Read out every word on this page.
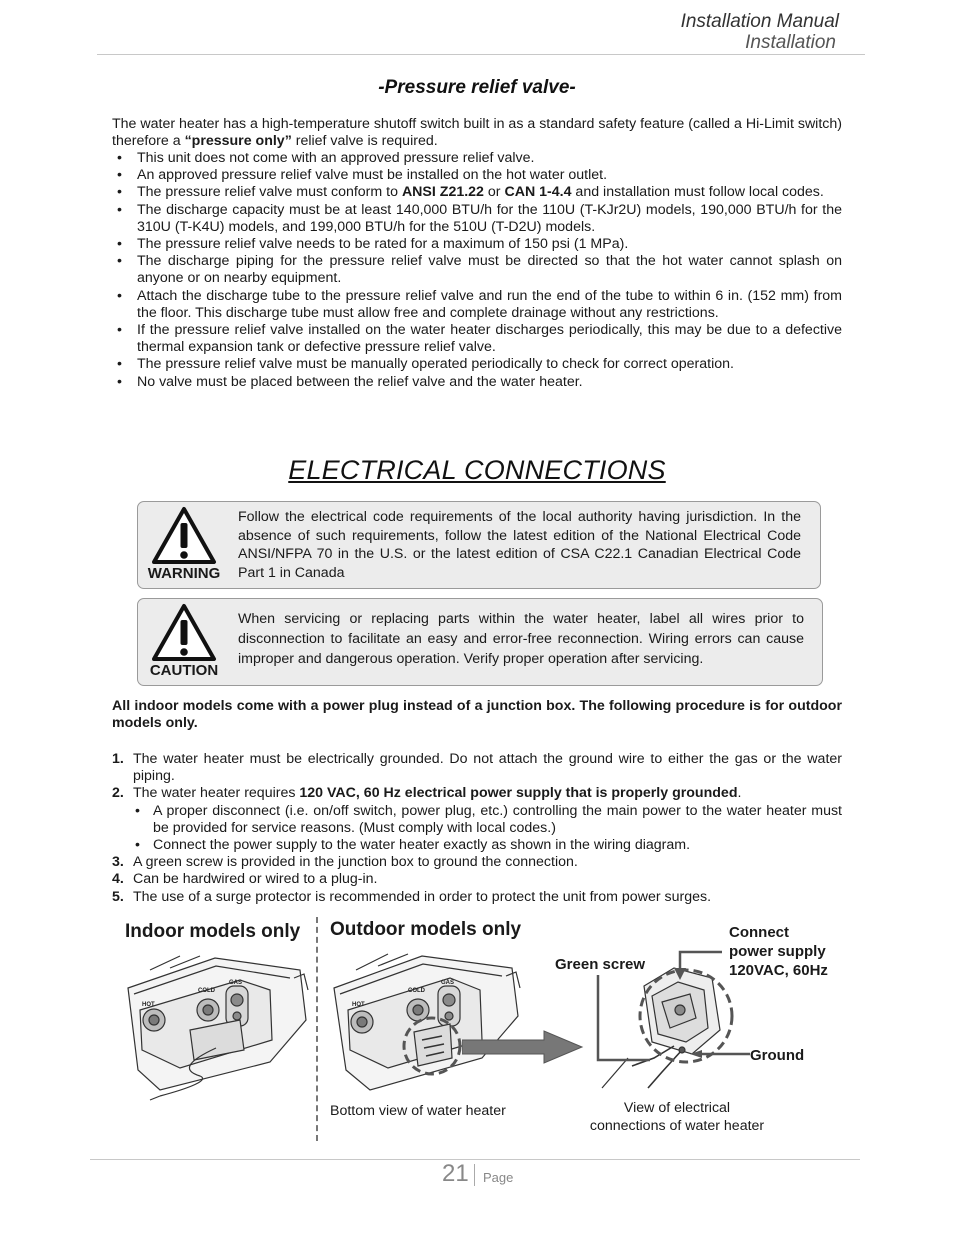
Installation Manual
Installation
-Pressure relief valve-
The water heater has a high-temperature shutoff switch built in as a standard safety feature (called a Hi-Limit switch) therefore a “pressure only” relief valve is required.
• This unit does not come with an approved pressure relief valve.
• An approved pressure relief valve must be installed on the hot water outlet.
• The pressure relief valve must conform to ANSI Z21.22 or CAN 1-4.4 and installation must follow local codes.
• The discharge capacity must be at least 140,000 BTU/h for the 110U (T-KJr2U) models, 190,000 BTU/h for the 310U (T-K4U) models, and 199,000 BTU/h for the 510U (T-D2U) models.
• The pressure relief valve needs to be rated for a maximum of 150 psi (1 MPa).
• The discharge piping for the pressure relief valve must be directed so that the hot water cannot splash on anyone or on nearby equipment.
• Attach the discharge tube to the pressure relief valve and run the end of the tube to within 6 in. (152 mm) from the floor. This discharge tube must allow free and complete drainage without any restrictions.
• If the pressure relief valve installed on the water heater discharges periodically, this may be due to a defective thermal expansion tank or defective pressure relief valve.
• The pressure relief valve must be manually operated periodically to check for correct operation.
• No valve must be placed between the relief valve and the water heater.
ELECTRICAL CONNECTIONS
WARNING
Follow the electrical code requirements of the local authority having jurisdiction. In the absence of such requirements, follow the latest edition of the National Electrical Code ANSI/NFPA 70 in the U.S. or the latest edition of CSA C22.1 Canadian Electrical Code Part 1 in Canada
CAUTION
When servicing or replacing parts within the water heater, label all wires prior to disconnection to facilitate an easy and error-free reconnection. Wiring errors can cause improper and dangerous operation. Verify proper operation after servicing.
All indoor models come with a power plug instead of a junction box. The following procedure is for outdoor models only.
1. The water heater must be electrically grounded. Do not attach the ground wire to either the gas or the water piping.
2. The water heater requires 120 VAC, 60 Hz electrical power supply that is properly grounded.
• A proper disconnect (i.e. on/off switch, power plug, etc.) controlling the main power to the water heater must be provided for service reasons. (Must comply with local codes.)
• Connect the power supply to the water heater exactly as shown in the wiring diagram.
3. A green screw is provided in the junction box to ground the connection.
4. Can be hardwired or wired to a plug-in.
5. The use of a surge protector is recommended in order to protect the unit from power surges.
Indoor models only Outdoor models only
HOT
COLD
GAS
HOT
COLD
GAS
Green screw
Connect
power supply
120VAC, 60Hz
Ground
Bottom view of water heater	View of electrical
connections of water heater
21 Page
